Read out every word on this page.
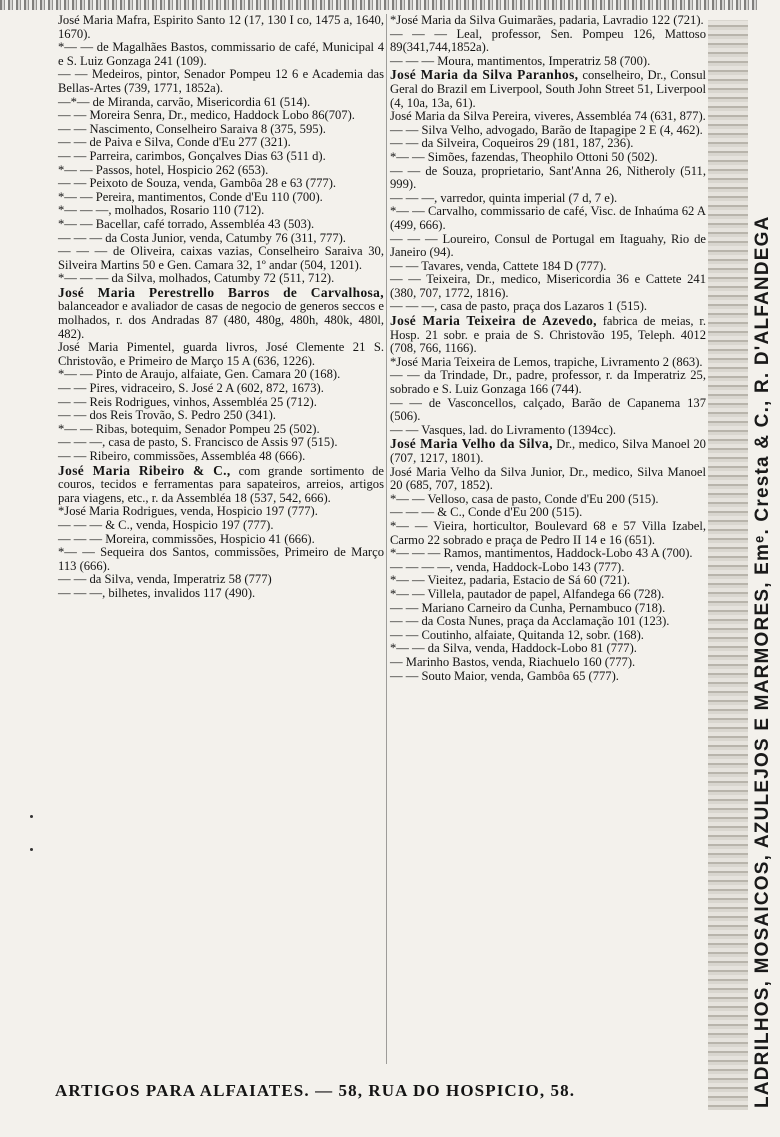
José Maria Mafra, Espirito Santo 12 (17, 130 I co, 1475 a, 1640, 1670).

*— — de Magalhães Bastos, commissario de café, Municipal 4 e S. Luiz Gonzaga 241 (109).

— — Medeiros, pintor, Senador Pompeu 12 6 e Academia das Bellas-Artes (739, 1771, 1852a).

—*— de Miranda, carvão, Misericordia 61 (514).

— — Moreira Senra, Dr., medico, Haddock Lobo 86(707).

— — Nascimento, Conselheiro Saraiva 8 (375, 595).

— — de Paiva e Silva, Conde d'Eu 277 (321).

— — Parreira, carimbos, Gonçalves Dias 63 (511 d).

*— — Passos, hotel, Hospicio 262 (653).

— — Peixoto de Souza, venda, Gambôa 28 e 63 (777).

*— — Pereira, mantimentos, Conde d'Eu 110 (700).

*— — —, molhados, Rosario 110 (712).

*— — Bacellar, café torrado, Assembléa 43 (503).

— — — da Costa Junior, venda, Catumby 76 (311, 777).

— — — de Oliveira, caixas vazias, Conselheiro Saraiva 30, Silveira Martins 50 e Gen. Camara 32, 1º andar (504, 1201).

*— — — da Silva, molhados, Catumby 72 (511, 712).

José Maria Perestrello Barros de Carvalhosa, balanceador e avaliador de casas de negocio de generos seccos e molhados, r. dos Andradas 87 (480, 480g, 480h, 480k, 480l, 482).

José Maria Pimentel, guarda livros, José Clemente 21 S. Christovão, e Primeiro de Março 15 A (636, 1226).

*— — Pinto de Araujo, alfaiate, Gen. Camara 20 (168).

— — Pires, vidraceiro, S. José 2 A (602, 872, 1673).

— — Reis Rodrigues, vinhos, Assembléa 25 (712).

— — dos Reis Trovão, S. Pedro 250 (341).

*— — Ribas, botequim, Senador Pompeu 25 (502).

— — —, casa de pasto, S. Francisco de Assis 97 (515).

— — Ribeiro, commissões, Assembléa 48 (666).

José Maria Ribeiro & C., com grande sortimento de couros, tecidos e ferramentas para sapateiros, arreios, artigos para viagens, etc., r. da Assembléa 18 (537, 542, 666).

*José Maria Rodrigues, venda, Hospicio 197 (777).

— — — & C., venda, Hospicio 197 (777).

— — — Moreira, commissões, Hospicio 41 (666).

*— — Sequeira dos Santos, commissões, Primeiro de Março 113 (666).

— — da Silva, venda, Imperatriz 58 (777)

— — —, bilhetes, invalidos 117 (490).

*José Maria da Silva Guimarães, padaria, Lavradio 122 (721).

— — — Leal, professor, Sen. Pompeu 126, Mattoso 89(341,744,1852a).

— — — Moura, mantimentos, Imperatriz 58 (700).

José Maria da Silva Paranhos, conselheiro, Dr., Consul Geral do Brazil em Liverpool, South John Street 51, Liverpool (4, 10a, 13a, 61).

José Maria da Silva Pereira, viveres, Assembléa 74 (631, 877).

— — Silva Velho, advogado, Barão de Itapagipe 2 E (4, 462).

— — da Silveira, Coqueiros 29 (181, 187, 236).

*— — Simões, fazendas, Theophilo Ottoni 50 (502).

— — de Souza, proprietario, Sant'Anna 26, Nitheroly (511, 999).

— — —, varredor, quinta imperial (7 d, 7 e).

*— — Carvalho, commissario de café, Visc. de Inhaúma 62 A (499, 666).

— — — Loureiro, Consul de Portugal em Itaguahy, Rio de Janeiro (94).

— — Tavares, venda, Cattete 184 D (777).

— — Teixeira, Dr., medico, Misericordia 36 e Cattete 241 (380, 707, 1772, 1816).

— — —, casa de pasto, praça dos Lazaros 1 (515).

José Maria Teixeira de Azevedo, fabrica de meias, r. Hosp. 21 sobr. e praia de S. Christovão 195, Teleph. 4012 (708, 766, 1166).

*José Maria Teixeira de Lemos, trapiche, Livramento 2 (863).

— — da Trindade, Dr., padre, professor, r. da Imperatriz 25, sobrado e S. Luiz Gonzaga 166 (744).

— — de Vasconcellos, calçado, Barão de Capanema 137 (506).

— — Vasques, lad. do Livramento (1394cc).

José Maria Velho da Silva, Dr., medico, Silva Manoel 20 (707, 1217, 1801).

José Maria Velho da Silva Junior, Dr., medico, Silva Manoel 20 (685, 707, 1852).

*— — Velloso, casa de pasto, Conde d'Eu 200 (515).

— — — & C., Conde d'Eu 200 (515).

*— — Vieira, horticultor, Boulevard 68 e 57 Villa Izabel, Carmo 22 sobrado e praça de Pedro II 14 e 16 (651).

*— — — Ramos, mantimentos, Haddock-Lobo 43 A (700).

— — — —, venda, Haddock-Lobo 143 (777).

*— — Vieitez, padaria, Estacio de Sá 60 (721).

*— — Villela, pautador de papel, Alfandega 66 (728).

— — Mariano Carneiro da Cunha, Pernambuco (718).

— — da Costa Nunes, praça da Acclamação 101 (123).

— — Coutinho, alfaiate, Quitanda 12, sobr. (168).

*— — da Silva, venda, Haddock-Lobo 81 (777).

— Marinho Bastos, venda, Riachuelo 160 (777).

— — Souto Maior, venda, Gambôa 65 (777).

ARTIGOS PARA ALFAIATES. — 58, RUA DO HOSPICIO, 58.	LADRILHOS, MOSAICOS, AZULEJOS E MARMORES, Emᵉ. Cresta & C., R. D'ALFANDEGA
